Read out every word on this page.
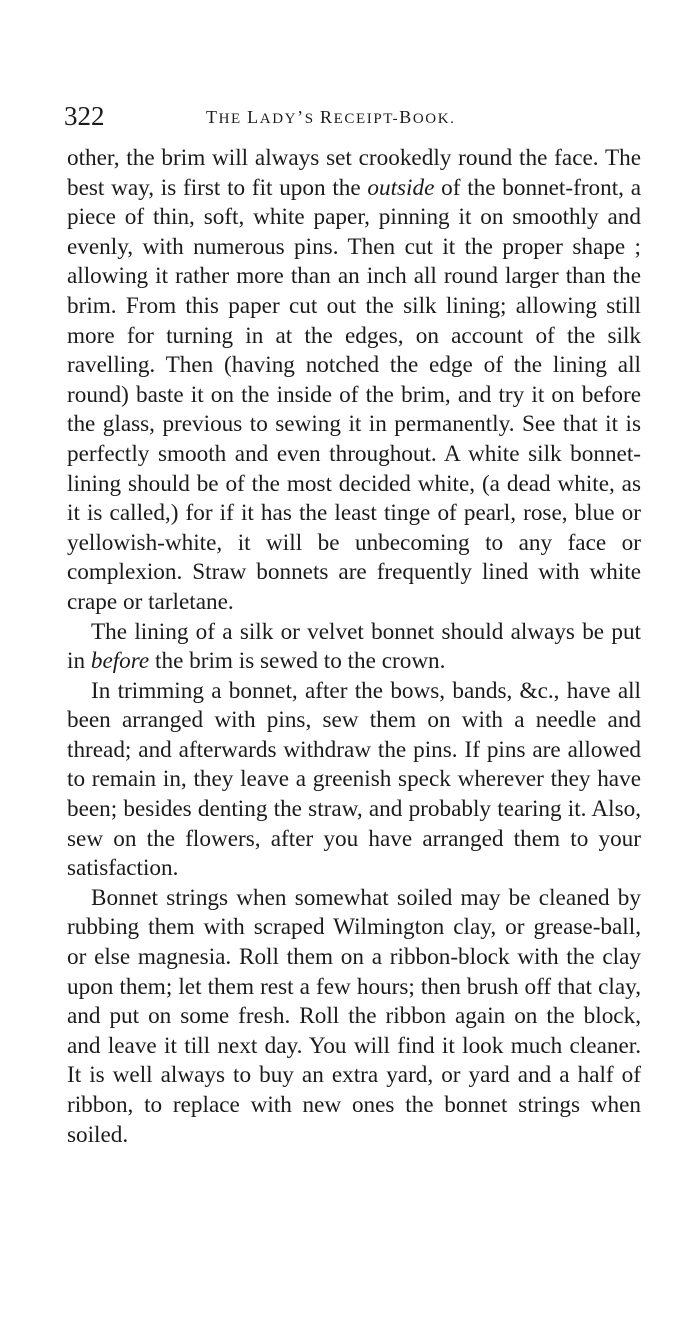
322	THE LADY’S RECEIPT-BOOK.

other, the brim will always set crookedly round the face. The best way, is first to fit upon the outside of the bonnet-front, a piece of thin, soft, white paper, pinning it on smoothly and evenly, with numerous pins. Then cut it the proper shape ; allowing it rather more than an inch all round larger than the brim. From this paper cut out the silk lining; allowing still more for turning in at the edges, on account of the silk ravelling. Then (having notched the edge of the lining all round) baste it on the inside of the brim, and try it on before the glass, previous to sewing it in permanently. See that it is perfectly smooth and even throughout. A white silk bonnet-lining should be of the most decided white, (a dead white, as it is called,) for if it has the least tinge of pearl, rose, blue or yellowish-white, it will be unbecoming to any face or complexion. Straw bonnets are frequently lined with white crape or tarletane.

The lining of a silk or velvet bonnet should always be put in before the brim is sewed to the crown.

In trimming a bonnet, after the bows, bands, &c., have all been arranged with pins, sew them on with a needle and thread; and afterwards withdraw the pins. If pins are allowed to remain in, they leave a greenish speck wherever they have been; besides denting the straw, and probably tearing it. Also, sew on the flowers, after you have arranged them to your satisfaction.

Bonnet strings when somewhat soiled may be cleaned by rubbing them with scraped Wilmington clay, or grease-ball, or else magnesia. Roll them on a ribbon-block with the clay upon them; let them rest a few hours; then brush off that clay, and put on some fresh. Roll the ribbon again on the block, and leave it till next day. You will find it look much cleaner. It is well always to buy an extra yard, or yard and a half of ribbon, to replace with new ones the bonnet strings when soiled.
